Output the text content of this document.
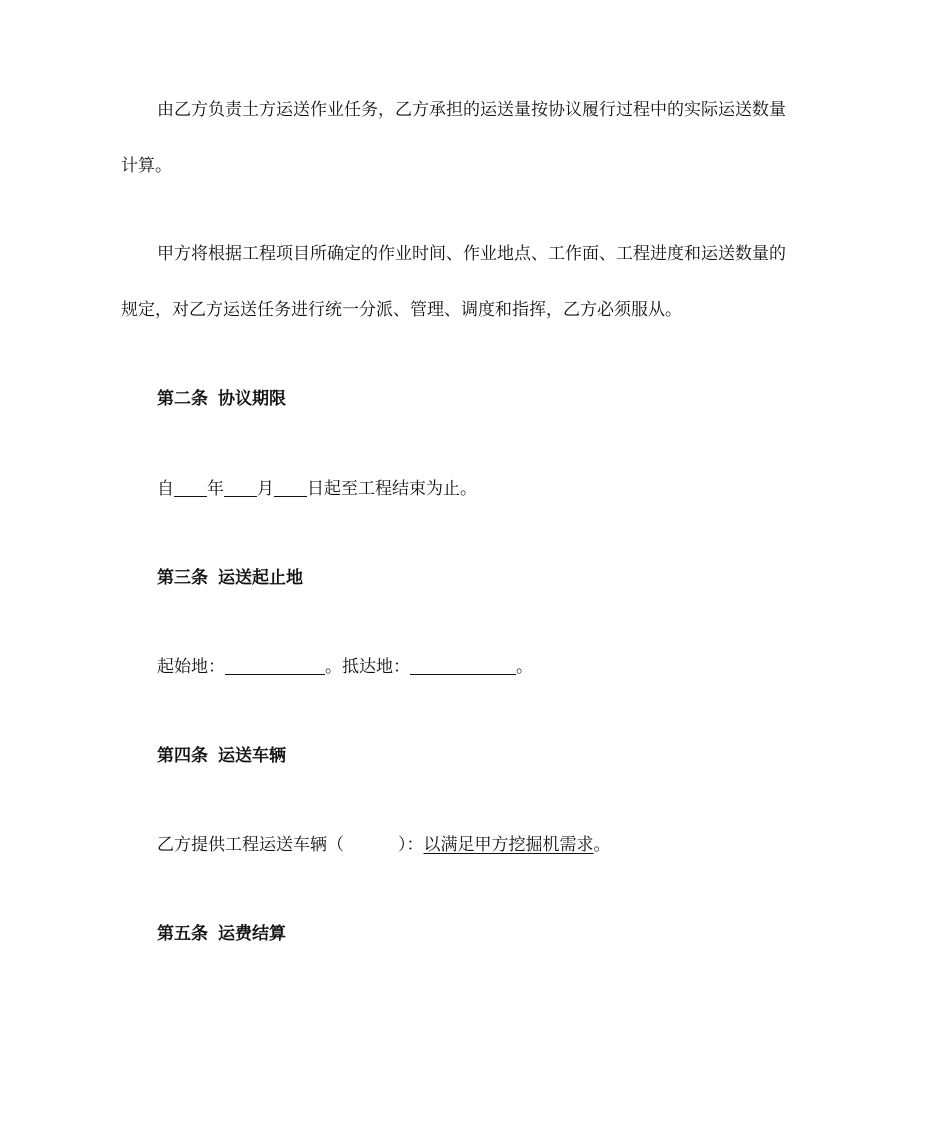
由乙方负责土方运送作业任务，乙方承担的运送量按协议履行过程中的实际运送数量
计算。
甲方将根据工程项目所确定的作业时间、作业地点、工作面、工程进度和运送数量的
规定，对乙方运送任务进行统一分派、管理、调度和指挥，乙方必须服从。
第二条 协议期限
自 年 月 日起至工程结束为止。
第三条 运送起止地
起始地：	。抵达地：	。
第四条 运送车辆
乙方提供工程运送车辆（	）：以满足甲方挖掘机需求。
第五条 运费结算
